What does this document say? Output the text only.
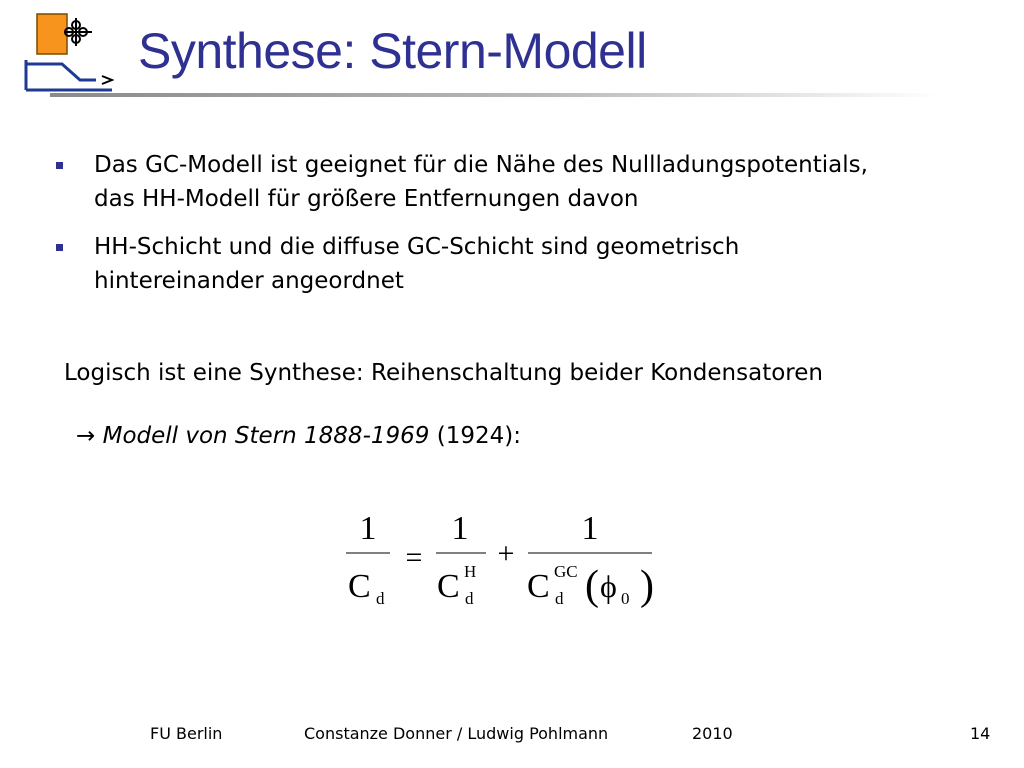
Synthese: Stern-Modell
Das GC-Modell ist geeignet für die Nähe des Nullladungspotentials,
das HH-Modell für größere Entfernungen davon
HH-Schicht und die diffuse GC-Schicht sind geometrisch
hintereinander angeordnet
Logisch ist eine Synthese: Reihenschaltung beider Kondensatoren
→ Modell von Stern 1888-1969 (1924):
1
C d
=
1
C H
d
+
1
C GC
d ( ϕ 0 )
FU Berlin	Constanze Donner / Ludwig Pohlmann	2010	14
